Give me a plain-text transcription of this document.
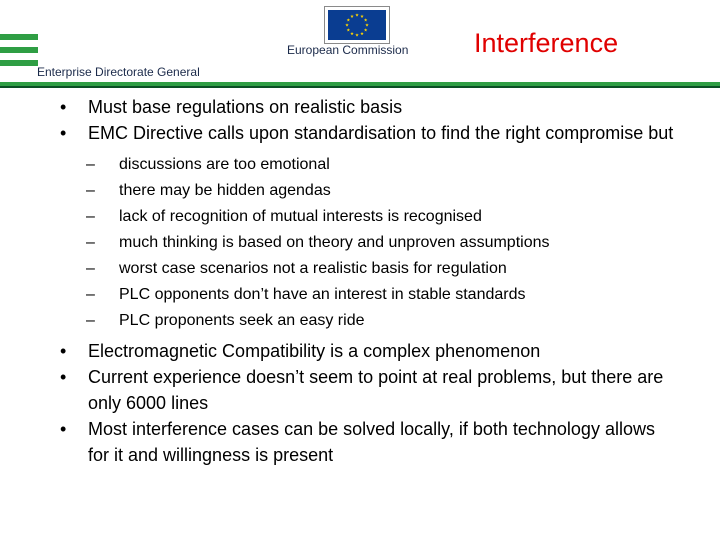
European Commission Interference
Enterprise Directorate General

•	Must base regulations on realistic basis

•	EMC Directive calls upon standardisation to find the right compromise but

– discussions are too emotional

– there may be hidden agendas

– lack of recognition of mutual interests is recognised

– much thinking is based on theory and unproven assumptions

– worst case scenarios not a realistic basis for regulation

– PLC opponents don’t have an interest in stable standards

– PLC proponents seek an easy ride

•	Electromagnetic Compatibility is a complex phenomenon

•	Current experience doesn’t seem to point at real problems, but there are only 6000 lines

•	Most interference cases can be solved locally, if both technology allows for it and willingness is present
